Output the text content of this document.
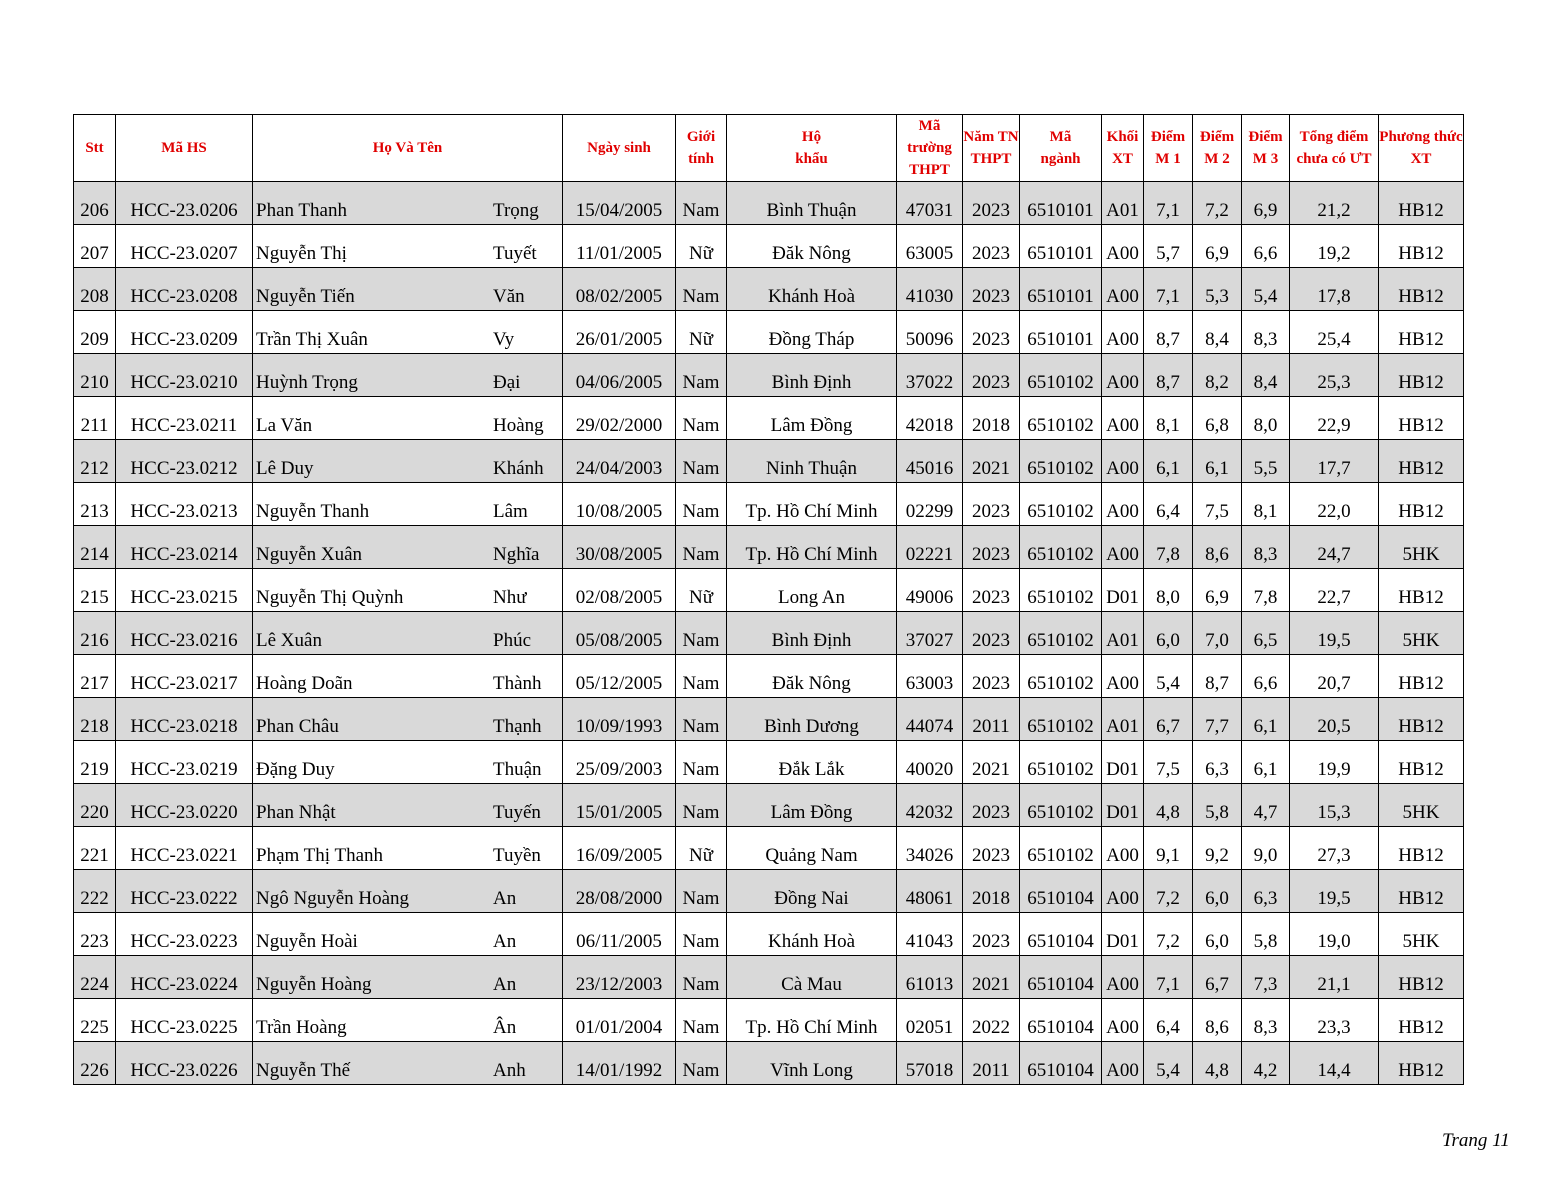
Stt	Mã HS	Họ Và Tên	Ngày sinh	Giới tính	Hộ khẩu	Mã trường THPT	Năm TN THPT	Mã ngành	Khối XT	Điểm M 1	Điểm M 2	Điểm M 3	Tổng điểm chưa có ƯT	Phương thức XT
206	HCC-23.0206	Phan Thanh Trọng	15/04/2005	Nam	Bình Thuận	47031	2023	6510101	A01	7,1	7,2	6,9	21,2	HB12
207	HCC-23.0207	Nguyễn Thị Tuyết	11/01/2005	Nữ	Đăk Nông	63005	2023	6510101	A00	5,7	6,9	6,6	19,2	HB12
208	HCC-23.0208	Nguyễn Tiến Văn	08/02/2005	Nam	Khánh Hoà	41030	2023	6510101	A00	7,1	5,3	5,4	17,8	HB12
209	HCC-23.0209	Trần Thị Xuân Vy	26/01/2005	Nữ	Đồng Tháp	50096	2023	6510101	A00	8,7	8,4	8,3	25,4	HB12
210	HCC-23.0210	Huỳnh Trọng Đại	04/06/2005	Nam	Bình Định	37022	2023	6510102	A00	8,7	8,2	8,4	25,3	HB12
211	HCC-23.0211	La Văn Hoàng	29/02/2000	Nam	Lâm Đồng	42018	2018	6510102	A00	8,1	6,8	8,0	22,9	HB12
212	HCC-23.0212	Lê Duy Khánh	24/04/2003	Nam	Ninh Thuận	45016	2021	6510102	A00	6,1	6,1	5,5	17,7	HB12
213	HCC-23.0213	Nguyễn Thanh Lâm	10/08/2005	Nam	Tp. Hồ Chí Minh	02299	2023	6510102	A00	6,4	7,5	8,1	22,0	HB12
214	HCC-23.0214	Nguyễn Xuân Nghĩa	30/08/2005	Nam	Tp. Hồ Chí Minh	02221	2023	6510102	A00	7,8	8,6	8,3	24,7	5HK
215	HCC-23.0215	Nguyễn Thị Quỳnh Như	02/08/2005	Nữ	Long An	49006	2023	6510102	D01	8,0	6,9	7,8	22,7	HB12
216	HCC-23.0216	Lê Xuân Phúc	05/08/2005	Nam	Bình Định	37027	2023	6510102	A01	6,0	7,0	6,5	19,5	5HK
217	HCC-23.0217	Hoàng Doãn Thành	05/12/2005	Nam	Đăk Nông	63003	2023	6510102	A00	5,4	8,7	6,6	20,7	HB12
218	HCC-23.0218	Phan Châu Thạnh	10/09/1993	Nam	Bình Dương	44074	2011	6510102	A01	6,7	7,7	6,1	20,5	HB12
219	HCC-23.0219	Đặng Duy Thuận	25/09/2003	Nam	Đắk Lắk	40020	2021	6510102	D01	7,5	6,3	6,1	19,9	HB12
220	HCC-23.0220	Phan Nhật Tuyến	15/01/2005	Nam	Lâm Đồng	42032	2023	6510102	D01	4,8	5,8	4,7	15,3	5HK
221	HCC-23.0221	Phạm Thị Thanh Tuyền	16/09/2005	Nữ	Quảng Nam	34026	2023	6510102	A00	9,1	9,2	9,0	27,3	HB12
222	HCC-23.0222	Ngô Nguyễn Hoàng An	28/08/2000	Nam	Đồng Nai	48061	2018	6510104	A00	7,2	6,0	6,3	19,5	HB12
223	HCC-23.0223	Nguyễn Hoài An	06/11/2005	Nam	Khánh Hoà	41043	2023	6510104	D01	7,2	6,0	5,8	19,0	5HK
224	HCC-23.0224	Nguyễn Hoàng An	23/12/2003	Nam	Cà Mau	61013	2021	6510104	A00	7,1	6,7	7,3	21,1	HB12
225	HCC-23.0225	Trần Hoàng Ân	01/01/2004	Nam	Tp. Hồ Chí Minh	02051	2022	6510104	A00	6,4	8,6	8,3	23,3	HB12
226	HCC-23.0226	Nguyễn Thế Anh	14/01/1992	Nam	Vĩnh Long	57018	2011	6510104	A00	5,4	4,8	4,2	14,4	HB12
Trang 11
